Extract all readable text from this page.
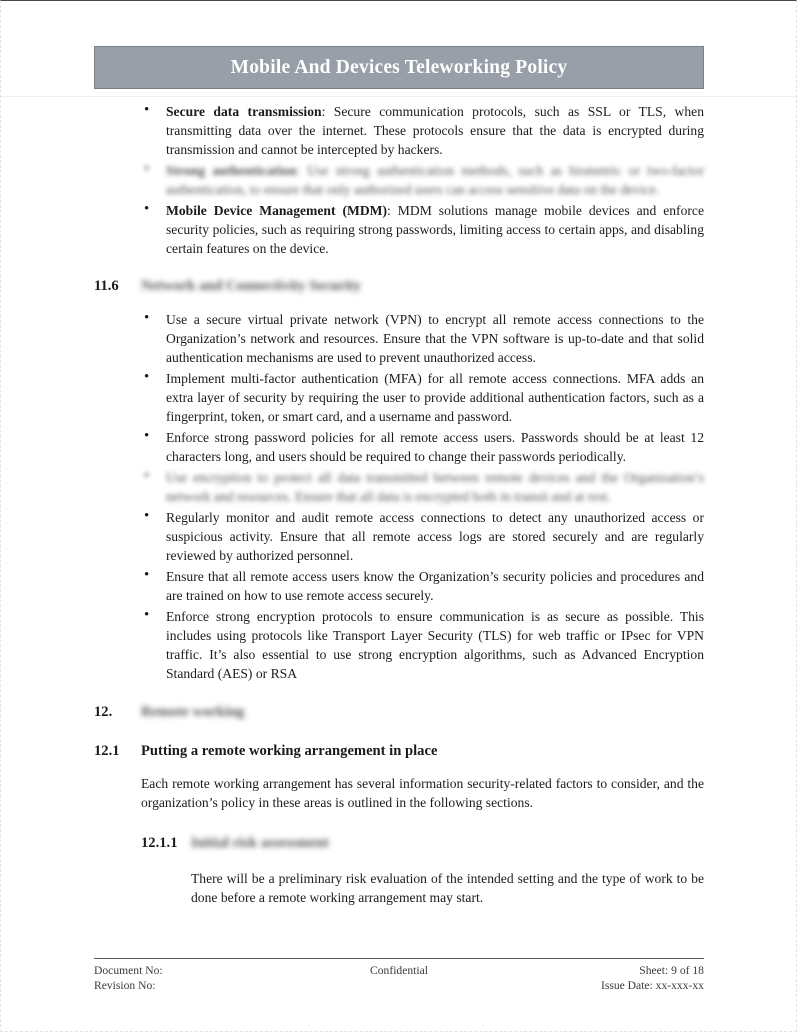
Mobile And Devices Teleworking Policy
• Secure data transmission: Secure communication protocols, such as SSL or TLS, when transmitting data over the internet. These protocols ensure that the data is encrypted during transmission and cannot be intercepted by hackers.
• Strong authentication: Use strong authentication methods, such as biometric or two-factor authentication, to ensure that only authorized users can access sensitive data on the device.
• Mobile Device Management (MDM): MDM solutions manage mobile devices and enforce security policies, such as requiring strong passwords, limiting access to certain apps, and disabling certain features on the device.
11.6	Network and Connectivity Security
• Use a secure virtual private network (VPN) to encrypt all remote access connections to the Organization’s network and resources. Ensure that the VPN software is up-to-date and that solid authentication mechanisms are used to prevent unauthorized access.
• Implement multi-factor authentication (MFA) for all remote access connections. MFA adds an extra layer of security by requiring the user to provide additional authentication factors, such as a fingerprint, token, or smart card, and a username and password.
• Enforce strong password policies for all remote access users. Passwords should be at least 12 characters long, and users should be required to change their passwords periodically.
• Use encryption to protect all data transmitted between remote devices and the Organization’s network and resources. Ensure that all data is encrypted both in transit and at rest.
• Regularly monitor and audit remote access connections to detect any unauthorized access or suspicious activity. Ensure that all remote access logs are stored securely and are regularly reviewed by authorized personnel.
• Ensure that all remote access users know the Organization’s security policies and procedures and are trained on how to use remote access securely.
• Enforce strong encryption protocols to ensure communication is as secure as possible. This includes using protocols like Transport Layer Security (TLS) for web traffic or IPsec for VPN traffic. It’s also essential to use strong encryption algorithms, such as Advanced Encryption Standard (AES) or RSA
12.	Remote working
12.1	Putting a remote working arrangement in place

Each remote working arrangement has several information security-related factors to consider, and the organization’s policy in these areas is outlined in the following sections.

12.1.1 Initial risk assessment

There will be a preliminary risk evaluation of the intended setting and the type of work to be done before a remote working arrangement may start.

Document No:
Revision No:
Confidential	Sheet: 9 of 18
Issue Date: xx-xxx-xx
